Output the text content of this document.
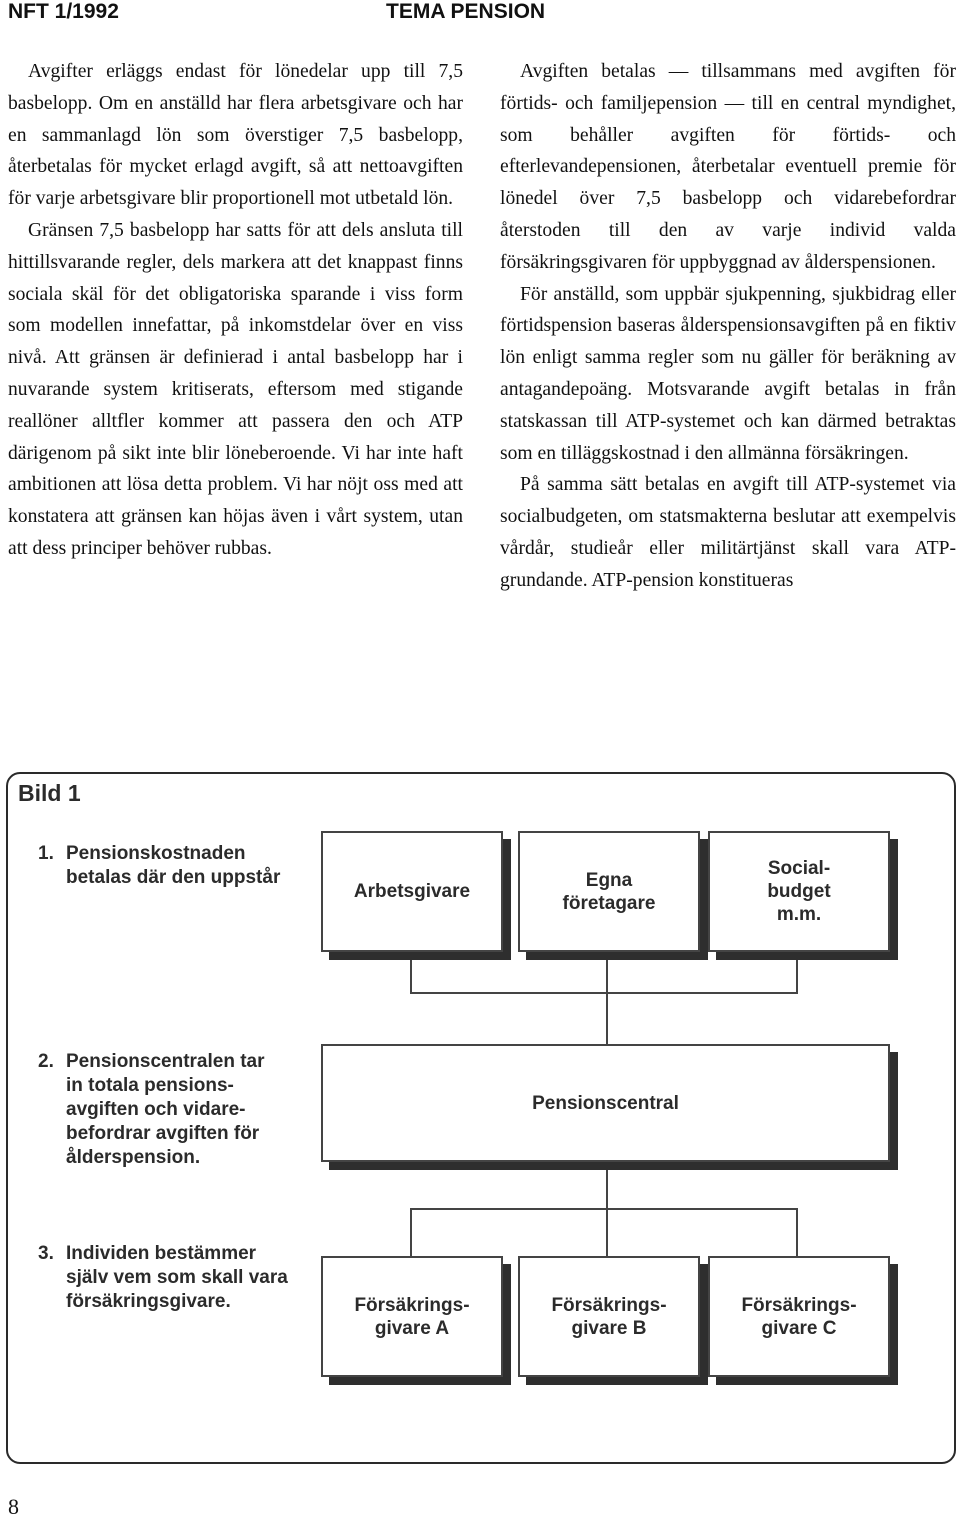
NFT 1/1992	TEMA PENSION

Avgifter erläggs endast för lönedelar upp till 7,5 basbelopp. Om en anställd har flera arbetsgivare och har en sammanlagd lön som överstiger 7,5 basbelopp, återbetalas för mycket erlagd avgift, så att nettoavgiften för varje arbetsgivare blir proportionell mot utbetald lön.

Gränsen 7,5 basbelopp har satts för att dels ansluta till hittillsvarande regler, dels markera att det knappast finns sociala skäl för det obligatoriska sparande i viss form som modellen innefattar, på inkomstdelar över en viss nivå. Att gränsen är definierad i antal basbelopp har i nuvarande system kritiserats, eftersom med stigande reallöner alltfler kommer att passera den och ATP därigenom på sikt inte blir löneberoende. Vi har inte haft ambitionen att lösa detta problem. Vi har nöjt oss med att konstatera att gränsen kan höjas även i vårt system, utan att dess principer behöver rubbas.

Avgiften betalas — tillsammans med avgiften för förtids- och familjepension — till en central myndighet, som behåller avgiften för förtids- och efterlevandepensionen, återbetalar eventuell premie för lönedel över 7,5 basbelopp och vidarebefordrar återstoden till den av varje individ valda försäkringsgivaren för uppbyggnad av ålderspensionen.

För anställd, som uppbär sjukpenning, sjukbidrag eller förtidspension baseras ålderspensionsavgiften på en fiktiv lön enligt samma regler som nu gäller för beräkning av antagandepoäng. Motsvarande avgift betalas in från statskassan till ATP-systemet och kan därmed betraktas som en tilläggskostnad i den allmänna försäkringen.

På samma sätt betalas en avgift till ATP-systemet via socialbudgeten, om statsmakterna beslutar att exempelvis vårdår, studieår eller militärtjänst skall vara ATP-grundande. ATP-pension konstitueras

Bild 1
1. Pensionskostnaden betalas där den uppstår
2. Pensionscentralen tar in totala pensions-avgiften och vidare-befordrar avgiften för ålderspension.
3. Individen bestämmer själv vem som skall vara försäkringsgivare.
Arbetsgivare
Egna företagare
Social-budget m.m.
Pensionscentral
Försäkrings-givare A
Försäkrings-givare B
Försäkrings-givare C
8
